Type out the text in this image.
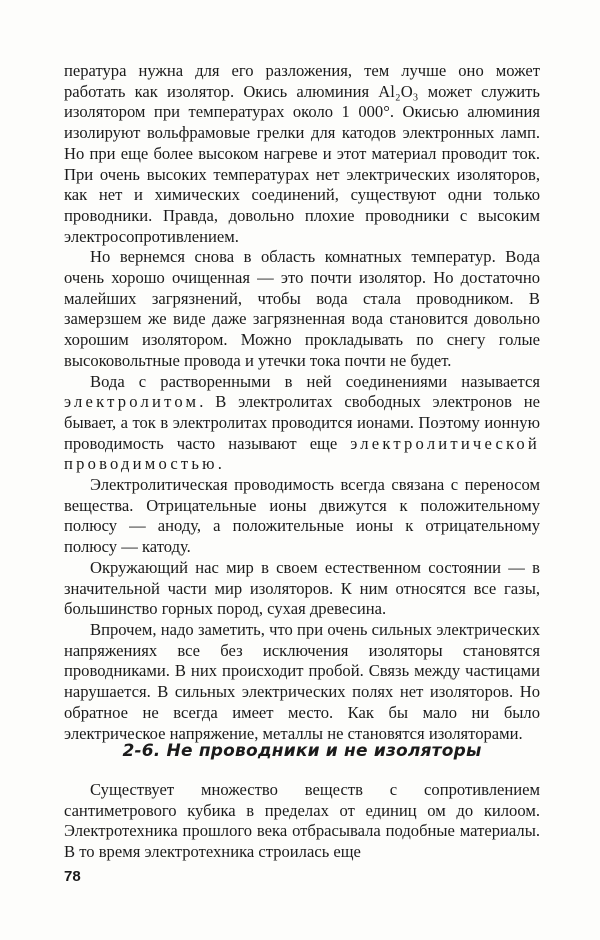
пература нужна для его разложения, тем лучше оно может работать как изолятор. Окись алюминия Al₂O₃ может служить изолятором при температурах около 1 000°. Окисью алюминия изолируют вольфрамовые грелки для катодов электронных ламп. Но при еще более высоком нагреве и этот материал проводит ток. При очень высоких температурах нет электрических изоляторов, как нет и химических соединений, существуют одни только проводники. Правда, довольно плохие проводники с высоким электросопротивлением.

Но вернемся снова в область комнатных температур. Вода очень хорошо очищенная — это почти изолятор. Но достаточно малейших загрязнений, чтобы вода стала проводником. В замерзшем же виде даже загрязненная вода становится довольно хорошим изолятором. Можно прокладывать по снегу голые высоковольтные провода и утечки тока почти не будет.

Вода с растворенными в ней соединениями называется электролитом. В электролитах свободных электронов не бывает, а ток в электролитах проводится ионами. Поэтому ионную проводимость часто называют еще электролитической проводимостью.

Электролитическая проводимость всегда связана с переносом вещества. Отрицательные ионы движутся к положительному полюсу — аноду, а положительные ионы к отрицательному полюсу — катоду.

Окружающий нас мир в своем естественном состоянии — в значительной части мир изоляторов. К ним относятся все газы, большинство горных пород, сухая древесина.

Впрочем, надо заметить, что при очень сильных электрических напряжениях все без исключения изоляторы становятся проводниками. В них происходит пробой. Связь между частицами нарушается. В сильных электрических полях нет изоляторов. Но обратное не всегда имеет место. Как бы мало ни было электрическое напряжение, металлы не становятся изоляторами.

2-6. Не проводники и не изоляторы

Существует множество веществ с сопротивлением сантиметрового кубика в пределах от единиц ом до килоом. Электротехника прошлого века отбрасывала подобные материалы. В то время электротехника строилась еще

78
